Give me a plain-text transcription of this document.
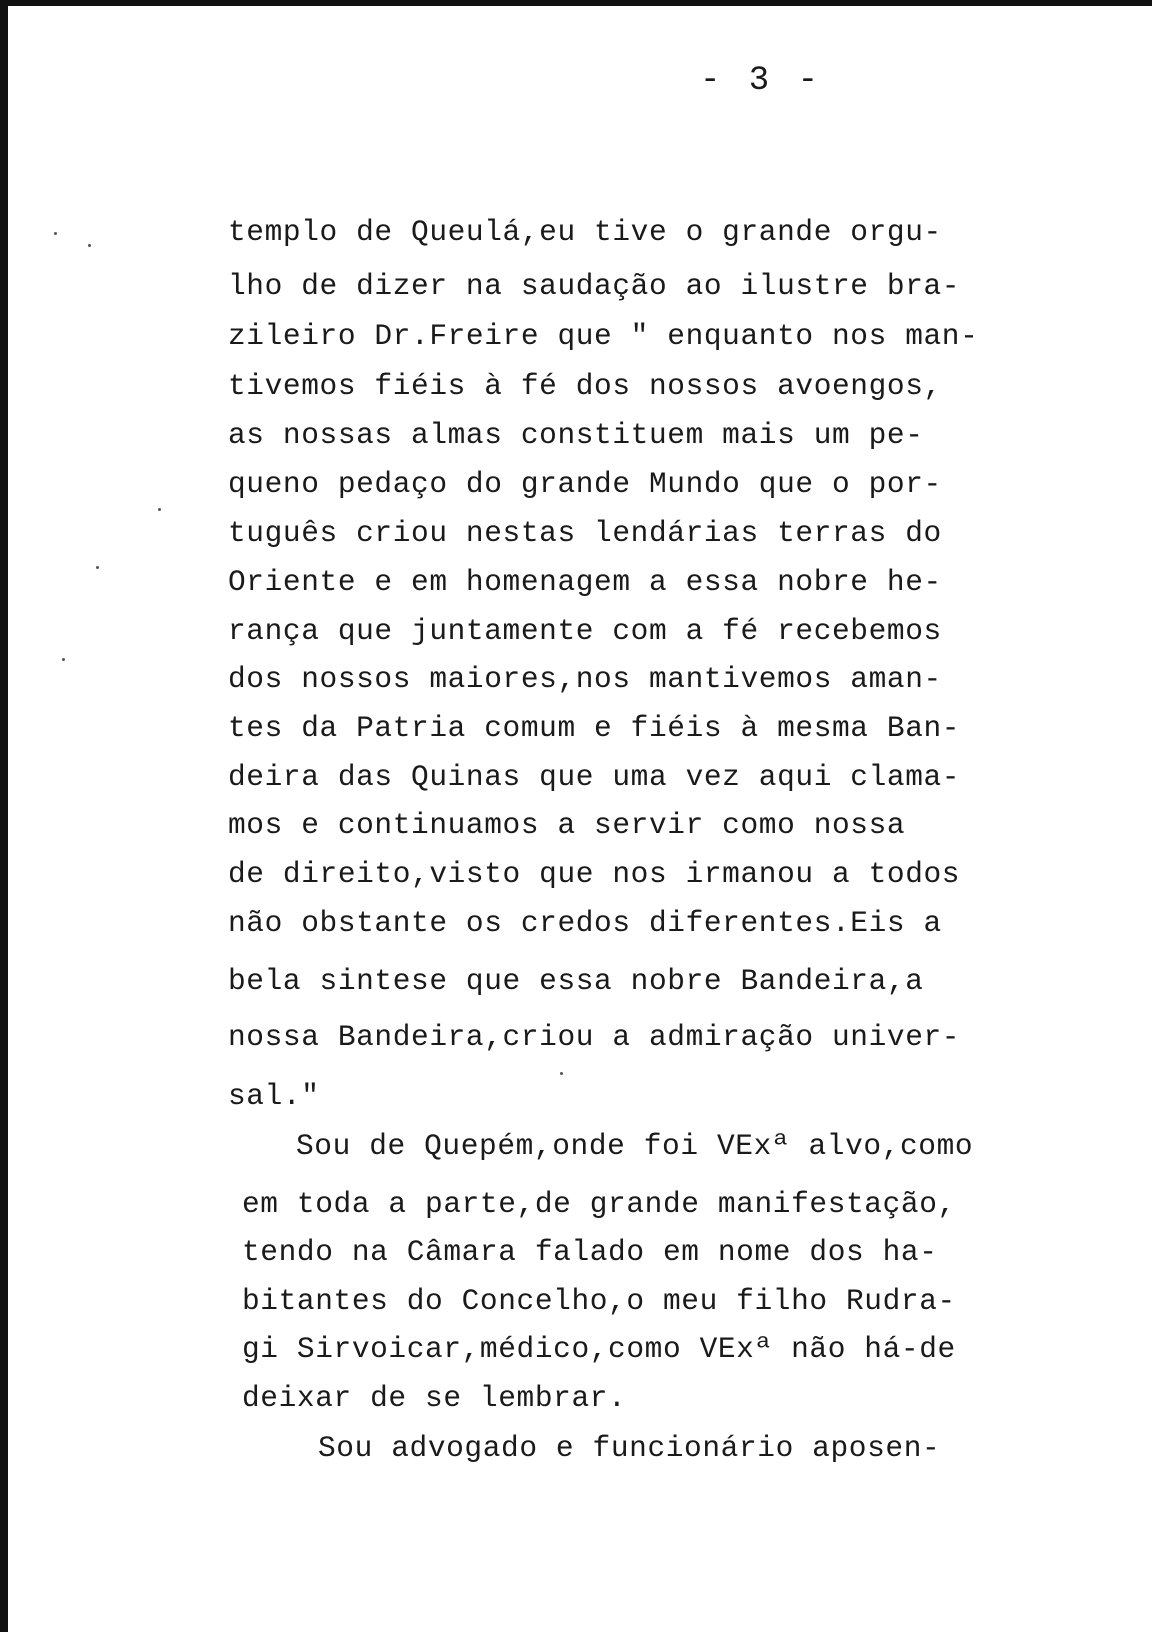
- 3 -
templo de Queulá,eu tive o grande orgu-
lho de dizer na saudação ao ilustre bra-
zileiro Dr.Freire que " enquanto nos man-
tivemos fiéis à fé dos nossos avoengos,
as nossas almas constituem mais um pe-
queno pedaço do grande Mundo que o por-
tuguês criou nestas lendárias terras do
Oriente e em homenagem a essa nobre he-
rança que juntamente com a fé recebemos
dos nossos maiores,nos mantivemos aman-
tes da Patria comum e fiéis à mesma Ban-
deira das Quinas que uma vez aqui clama-
mos e continuamos a servir como nossa
de direito,visto que nos irmanou a todos
não obstante os credos diferentes.Eis a
bela sintese que essa nobre Bandeira,a
nossa Bandeira,criou a admiração univer-
sal."
Sou de Quepém,onde foi VExª alvo,como
em toda a parte,de grande manifestação,
tendo na Câmara falado em nome dos ha-
bitantes do Concelho,o meu filho Rudra-
gi Sirvoicar,médico,como VExª não há-de
deixar de se lembrar.
Sou advogado e funcionário aposen-
